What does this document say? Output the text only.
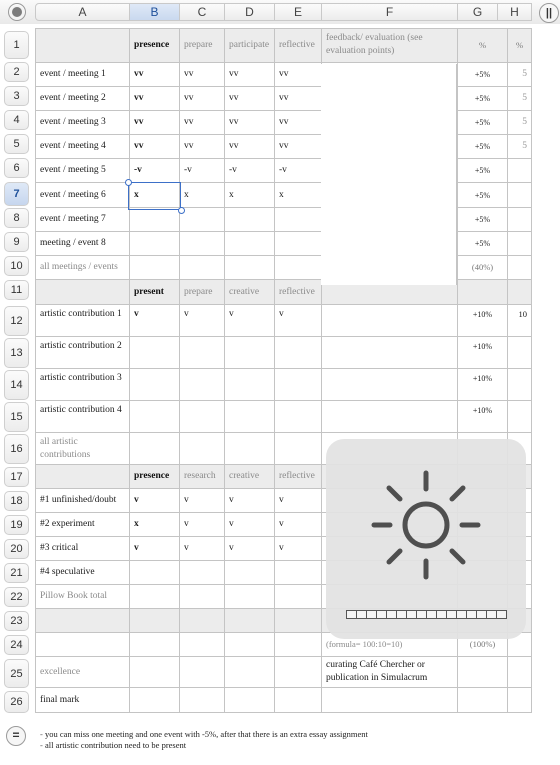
A	B	C	D	E	F	G	H	||
1
2
3
4
5
6
7
8
9
10
11
12
13
14
15
16
17
18
19
20
21
22
23
24
25
26
presence	prepare	participate	reflective
feedback/ evaluation (see evaluation points)
%	%
event / meeting 1	vv	vv	vv	vv	+5%	5
event / meeting 2	vv	vv	vv	vv	+5%	5
event / meeting 3	vv	vv	vv	vv	+5%	5
event / meeting 4	vv	vv	vv	vv	+5%	5
event / meeting 5	-v	-v	-v	-v	+5%
event / meeting 6	x	x	x	x	+5%
event / meeting 7	+5%
meeting / event 8	+5%
all meetings / events	(40%)
present	prepare	creative	reflective
artistic contribution 1	v	v	v	v	+10%	10
artistic contribution 2	+10%
artistic contribution 3	+10%
artistic contribution 4	+10%
all artistic contributions
presence	research	creative	reflective
#1 unfinished/doubt	v	v	v	v
#2 experiment	x	v	v	v
#3 critical	v	v	v	v
#4 speculative
Pillow Book total
(formula= 100:10=10)	(100%)
excellence
curating Café Chercher or publication in Simulacrum
final mark
=
-	you can miss one meeting and one event with -5%, after that there is an extra essay assignment
- all artistic contribution need to be present
